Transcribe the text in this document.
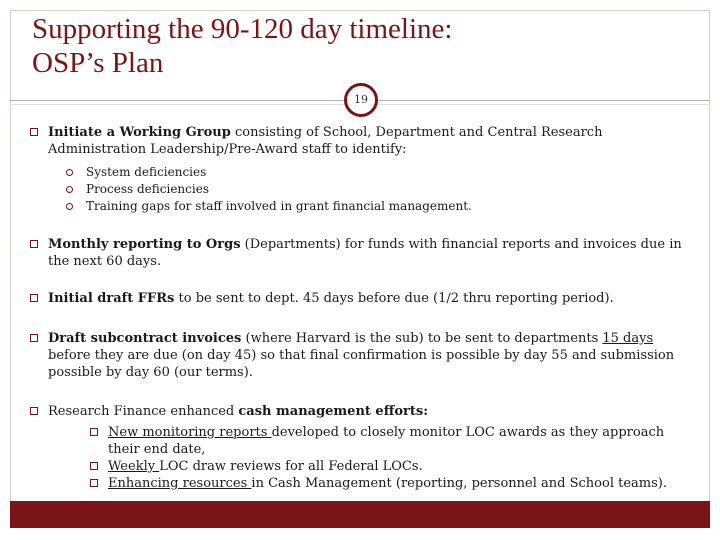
Supporting the 90-120 day timeline:
OSP’s Plan
19
Initiate a Working Group consisting of School, Department and Central Research Administration Leadership/Pre-Award staff to identify:
System deficiencies
Process deficiencies
Training gaps for staff involved in grant financial management.
Monthly reporting to Orgs (Departments) for funds with financial reports and invoices due in the next 60 days.
Initial draft FFRs to be sent to dept. 45 days before due (1/2 thru reporting period).
Draft subcontract invoices (where Harvard is the sub) to be sent to departments 15 days before they are due (on day 45) so that final confirmation is possible by day 55 and submission possible by day 60 (our terms).
Research Finance enhanced cash management efforts:
New monitoring reports developed to closely monitor LOC awards as they approach their end date,
Weekly LOC draw reviews for all Federal LOCs.
Enhancing resources in Cash Management (reporting, personnel and School teams).
